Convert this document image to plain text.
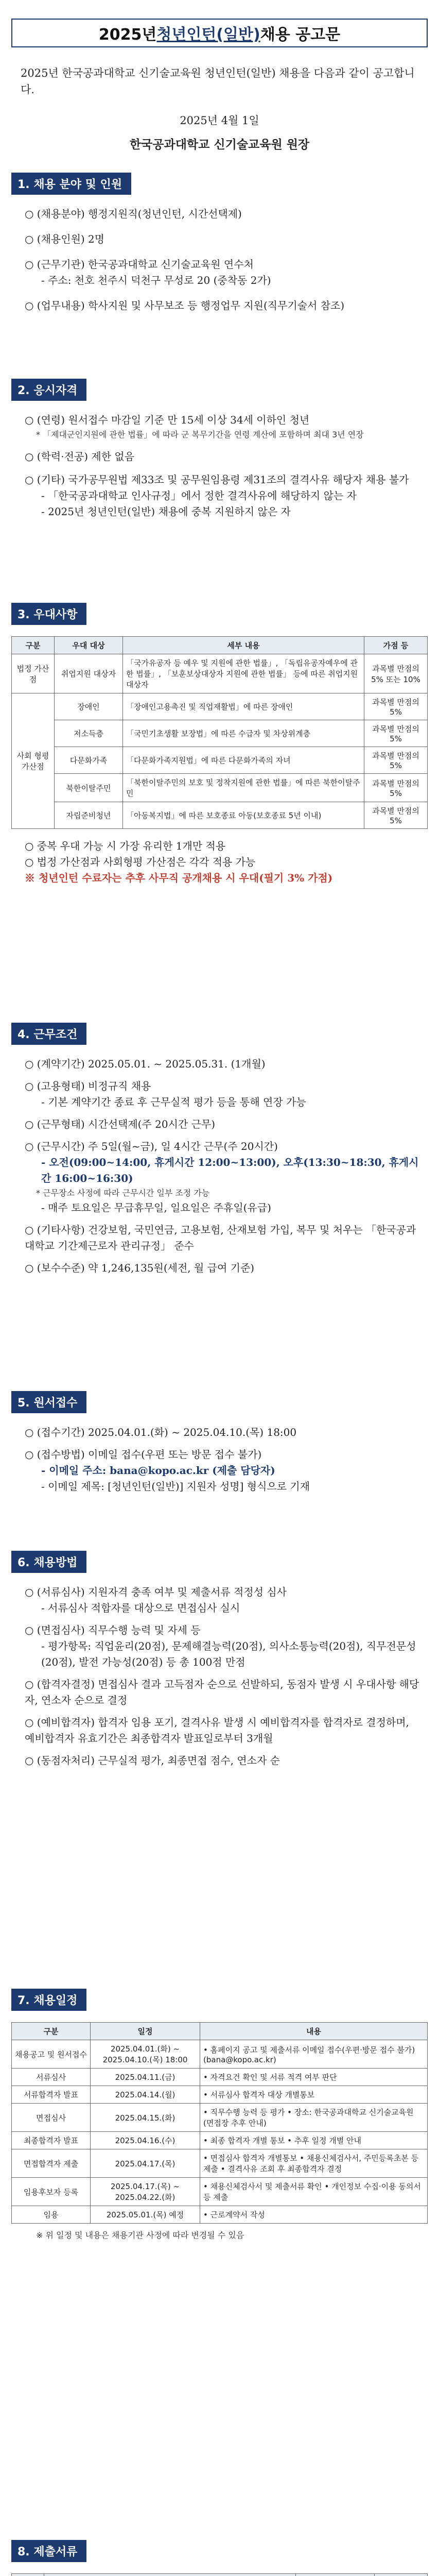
2025년 청년인턴(일반) 채용 공고문
2025년 한국공과대학교 신기술교육원 청년인턴(일반) 채용을 다음과 같이 공고합니다.
2025년 4월 1일
한국공과대학교 신기술교육원 원장
1. 채용 분야 및 인원
○ (채용분야) 행정지원직(청년인턴, 시간선택제)
○ (채용인원) 2명
○ (근무기관) 한국공과대학교 신기술교육원 연수처
- 주소: 천호 천주시 덕천구 무성로 20 (중착동 2가)
○ (업무내용) 학사지원 및 사무보조 등 행정업무 지원(직무기술서 참조)
2. 응시자격
○ (연령) 원서접수 마감일 기준 만 15세 이상 34세 이하인 청년
* 「제대군인지원에 관한 법률」에 따라 군 복무기간을 연령 계산에 포함하며 최대 3년 연장
○ (학력·전공) 제한 없음
○ (기타) 국가공무원법 제33조 및 공무원임용령 제31조의 결격사유 해당자 채용 불가
- 「한국공과대학교 인사규정」에서 정한 결격사유에 해당하지 않는 자
- 2025년 청년인턴(일반) 채용에 중복 지원하지 않은 자
3. 우대사항
구분	우대 대상	세부 내용	가점 등
법정 가산점	취업지원 대상자	「국가유공자 등 예우 및 지원에 관한 법률」, 「독립유공자예우에 관한 법률」, 「보훈보상대상자 지원에 관한 법률」 등에 따른 취업지원대상자	과목별 만점의 5% 또는 10%
사회 형평 가산점	장애인	「장애인고용촉진 및 직업재활법」에 따른 장애인	과목별 만점의 5%
	저소득층	「국민기초생활 보장법」에 따른 수급자 및 차상위계층	과목별 만점의 5%
	다문화가족	「다문화가족지원법」에 따른 다문화가족의 자녀	과목별 만점의 5%
	북한이탈주민	「북한이탈주민의 보호 및 정착지원에 관한 법률」에 따른 북한이탈주민	과목별 만점의 5%
	자립준비청년	「아동복지법」에 따른 보호종료 아동(보호종료 5년 이내)	과목별 만점의 5%
○ 중복 우대 가능 시 가장 유리한 1개만 적용
○ 법정 가산점과 사회형평 가산점은 각각 적용 가능
※ 청년인턴 수료자는 추후 사무직 공개채용 시 우대(필기 3% 가점)
4. 근무조건
○ (계약기간) 2025.05.01. ~ 2025.05.31. (1개월)
○ (고용형태) 비정규직 채용
- 기본 계약기간 종료 후 근무실적 평가 등을 통해 연장 가능
○ (근무형태) 시간선택제(주 20시간 근무)
○ (근무시간) 주 5일(월~금), 일 4시간 근무(주 20시간)
- 오전(09:00~14:00, 휴게시간 12:00~13:00), 오후(13:30~18:30, 휴게시간 16:00~16:30)
* 근무장소 사정에 따라 근무시간 일부 조정 가능
- 매주 토요일은 무급휴무일, 일요일은 주휴일(유급)
○ (기타사항) 건강보험, 국민연금, 고용보험, 산재보험 가입, 복무 및 처우는 「한국공과대학교 기간제근로자 관리규정」 준수
○ (보수수준) 약 1,246,135원(세전, 월 급여 기준)
5. 원서접수
○ (접수기간) 2025.04.01.(화) ~ 2025.04.10.(목) 18:00
○ (접수방법) 이메일 접수(우편 또는 방문 접수 불가)
- 이메일 주소: bana@kopo.ac.kr (제출 담당자)
- 이메일 제목: [청년인턴(일반)] 지원자 성명] 형식으로 기재
6. 채용방법
○ (서류심사) 지원자격 충족 여부 및 제출서류 적정성 심사
- 서류심사 적합자를 대상으로 면접심사 실시
○ (면접심사) 직무수행 능력 및 자세 등
- 평가항목: 직업윤리(20점), 문제해결능력(20점), 의사소통능력(20점), 직무전문성(20점), 발전 가능성(20점) 등 총 100점 만점
○ (합격자결정) 면접심사 결과 고득점자 순으로 선발하되, 동점자 발생 시 우대사항 해당자, 연소자 순으로 결정
○ (예비합격자) 합격자 임용 포기, 결격사유 발생 시 예비합격자를 합격자로 결정하며, 예비합격자 유효기간은 최종합격자 발표일로부터 3개월
○ (동점자처리) 근무실적 평가, 최종면접 점수, 연소자 순
7. 채용일정
구분	일정	내용
채용공고 및 원서접수	2025.04.01.(화) ~ 2025.04.10.(목) 18:00	• 홈페이지 공고 및 제출서류 이메일 접수(우편·방문 접수 불가) (bana@kopo.ac.kr)
서류심사	2025.04.11.(금)	• 자격요건 확인 및 서류 적격 여부 판단
서류합격자 발표	2025.04.14.(월)	• 서류심사 합격자 대상 개별통보
면접심사	2025.04.15.(화)	• 직무수행 능력 등 평가 • 장소: 한국공과대학교 신기술교육원 (면접장 추후 안내)
최종합격자 발표	2025.04.16.(수)	• 최종 합격자 개별 통보 • 추후 일정 개별 안내
면접합격자 제출	2025.04.17.(목)	• 면접심사 합격자 개별통보 • 채용신체검사서, 주민등록초본 등 제출 • 결격사유 조회 후 최종합격자 결정
임용후보자 등록	2025.04.17.(목) ~ 2025.04.22.(화)	• 채용신체검사서 및 제출서류 확인 • 개인정보 수집·이용 동의서 등 제출
임용	2025.05.01.(목) 예정	• 근로계약서 작성
※ 위 일정 및 내용은 채용기관 사정에 따라 변경될 수 있음
8. 제출서류
